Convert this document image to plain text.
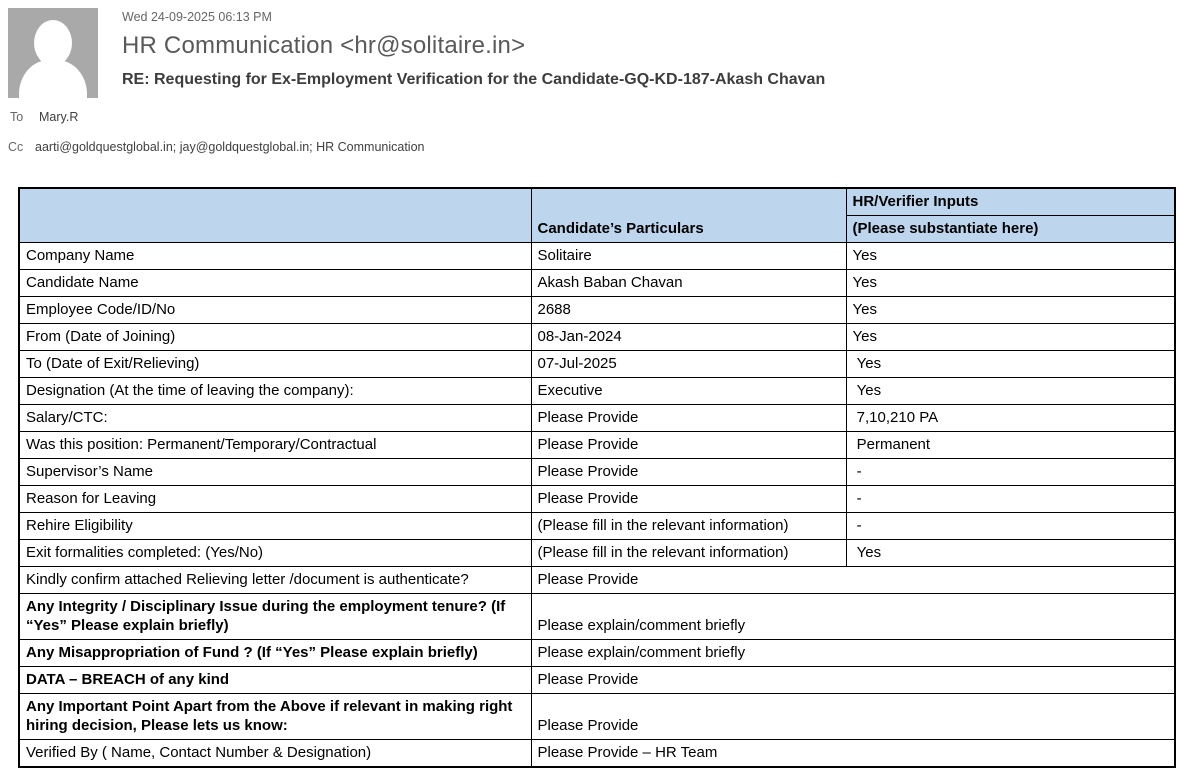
Wed 24-09-2025 06:13 PM
HR Communication <hr@solitaire.in>
RE: Requesting for Ex-Employment Verification for the Candidate-GQ-KD-187-Akash Chavan
To	Mary.R
Cc aarti@goldquestglobal.in; jay@goldquestglobal.in; HR Communication
	Candidate’s Particulars	HR/Verifier Inputs
		(Please substantiate here)
Company Name	Solitaire	Yes
Candidate Name	Akash Baban Chavan	Yes
Employee Code/ID/No	2688	Yes
From (Date of Joining)	08-Jan-2024	Yes
To (Date of Exit/Relieving)	07-Jul-2025	Yes
Designation (At the time of leaving the company):	Executive	Yes
Salary/CTC:	Please Provide	7,10,210 PA
Was this position: Permanent/Temporary/Contractual	Please Provide	Permanent
Supervisor’s Name	Please Provide	-
Reason for Leaving	Please Provide	-
Rehire Eligibility	(Please fill in the relevant information)	-
Exit formalities completed: (Yes/No)	(Please fill in the relevant information)	Yes
Kindly confirm attached Relieving letter /document is authenticate?	Please Provide	
Any Integrity / Disciplinary Issue during the employment tenure? (If “Yes” Please explain briefly)	Please explain/comment briefly	
Any Misappropriation of Fund ? (If “Yes” Please explain briefly)	Please explain/comment briefly	
DATA – BREACH of any kind	Please Provide	
Any Important Point Apart from the Above if relevant in making right hiring decision, Please lets us know:	Please Provide	
Verified By ( Name, Contact Number & Designation)	Please Provide – HR Team	
